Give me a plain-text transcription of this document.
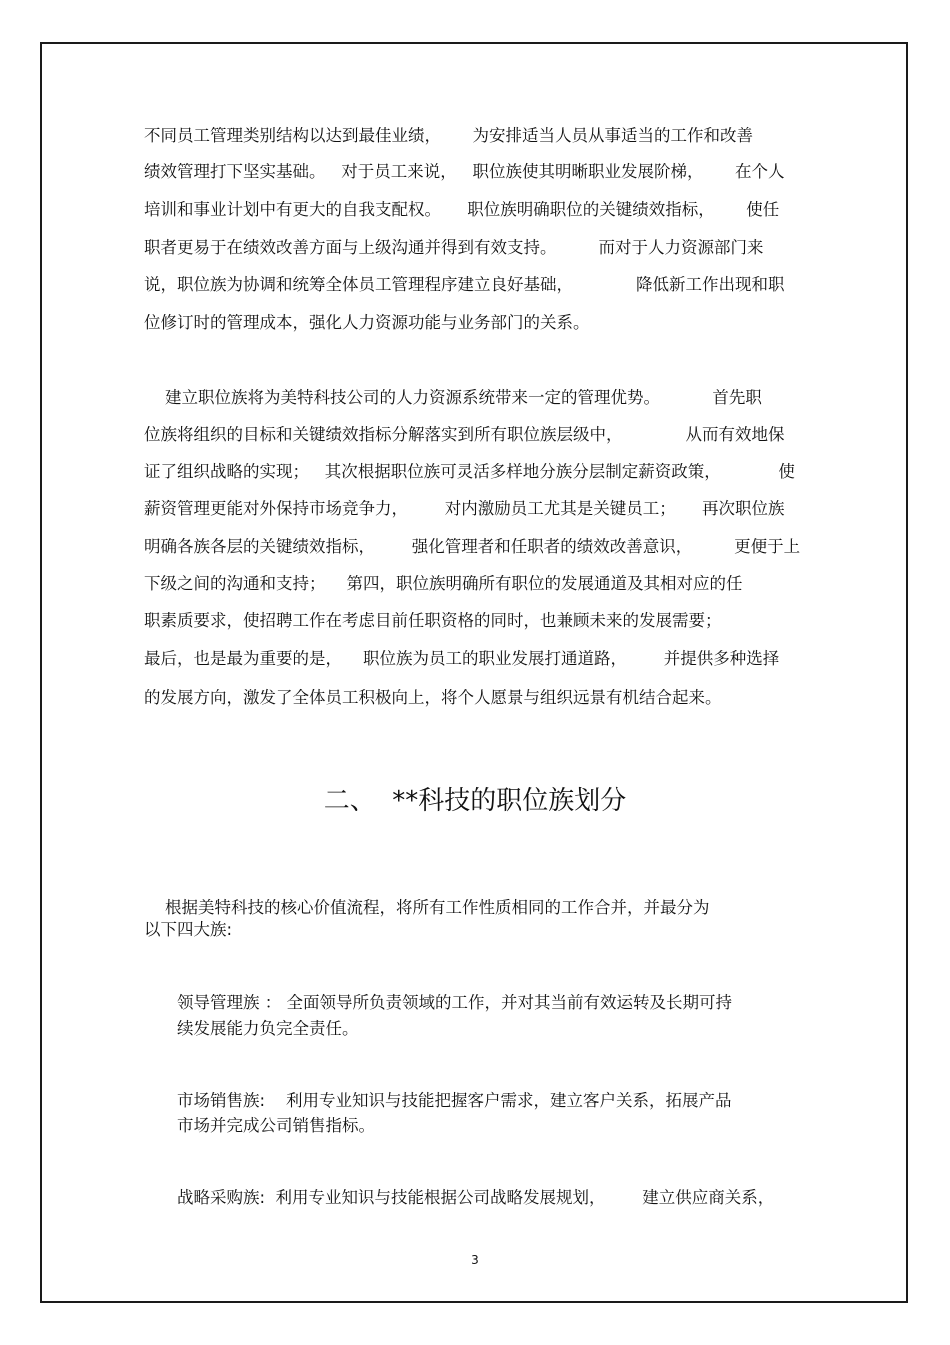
不同员工管理类别结构以达到最佳业绩，      为安排适当人员从事适当的工作和改善
绩效管理打下坚实基础。   对于员工来说，   职位族使其明晰职业发展阶梯，      在个人
培训和事业计划中有更大的自我支配权。     职位族明确职位的关键绩效指标，      使任
职者更易于在绩效改善方面与上级沟通并得到有效支持。        而对于人力资源部门来
说，职位族为协调和统筹全体员工管理程序建立良好基础，            降低新工作出现和职
位修订时的管理成本，强化人力资源功能与业务部门的关系。
建立职位族将为美特科技公司的人力资源系统带来一定的管理优势。          首先职
位族将组织的目标和关键绩效指标分解落实到所有职位族层级中，            从而有效地保
证了组织战略的实现；   其次根据职位族可灵活多样地分族分层制定薪资政策，           使
薪资管理更能对外保持市场竞争力，       对内激励员工尤其是关键员工；     再次职位族
明确各族各层的关键绩效指标，       强化管理者和任职者的绩效改善意识，        更便于上
下级之间的沟通和支持；    第四，职位族明确所有职位的发展通道及其相对应的任
职素质要求，使招聘工作在考虑目前任职资格的同时，也兼顾未来的发展需要；
最后，也是最为重要的是，    职位族为员工的职业发展打通道路，       并提供多种选择
的发展方向，激发了全体员工积极向上，将个人愿景与组织远景有机结合起来。
二、  **科技的职位族划分
根据美特科技的核心价值流程，将所有工作性质相同的工作合并，并最分为
以下四大族:
领导管理族 ： 全面领导所负责领域的工作，并对其当前有效运转及长期可持
续发展能力负完全责任。
市场销售族:    利用专业知识与技能把握客户需求，建立客户关系，拓展产品
市场并完成公司销售指标。
战略采购族:  利用专业知识与技能根据公司战略发展规划，       建立供应商关系，
3
